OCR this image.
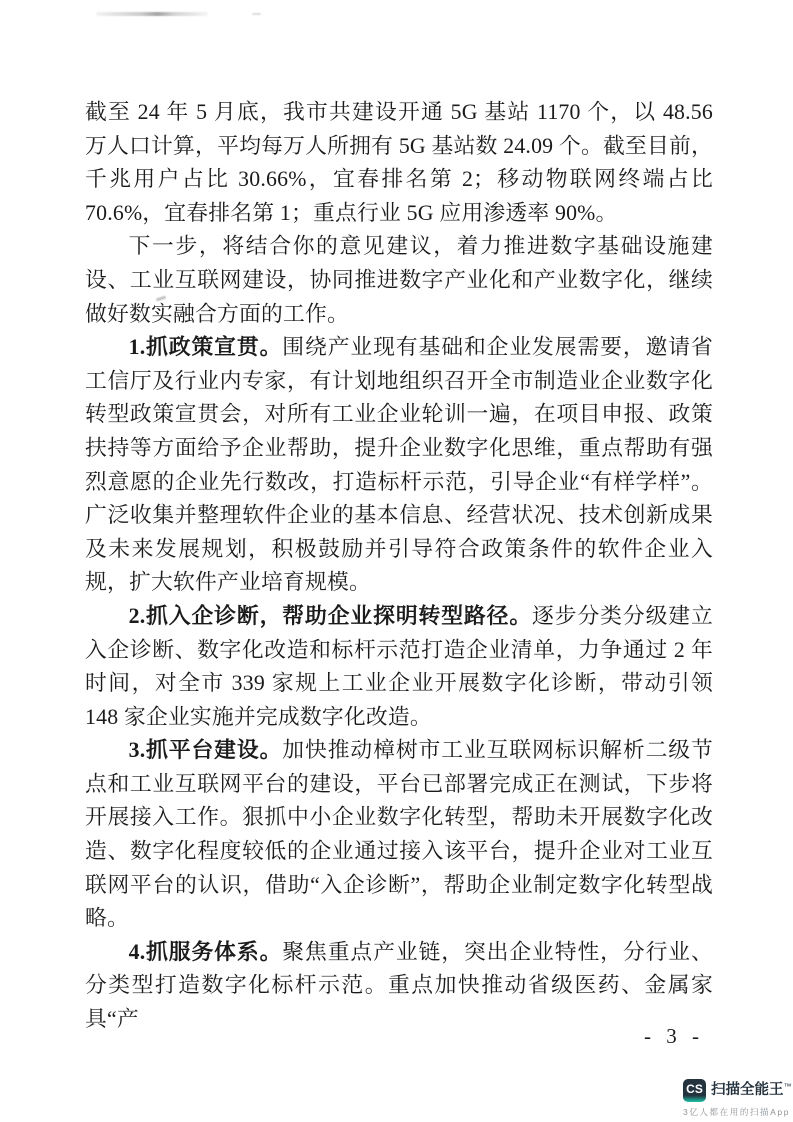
截至 24 年 5 月底，我市共建设开通 5G 基站 1170 个，以 48.56 万人口计算，平均每万人所拥有 5G 基站数 24.09 个。截至目前，千兆用户占比 30.66%，宜春排名第 2；移动物联网终端占比 70.6%，宜春排名第 1；重点行业 5G 应用渗透率 90%。

下一步，将结合你的意见建议，着力推进数字基础设施建设、工业互联网建设，协同推进数字产业化和产业数字化，继续做好数实融合方面的工作。

1.抓政策宣贯。围绕产业现有基础和企业发展需要，邀请省工信厅及行业内专家，有计划地组织召开全市制造业企业数字化转型政策宣贯会，对所有工业企业轮训一遍，在项目申报、政策扶持等方面给予企业帮助，提升企业数字化思维，重点帮助有强烈意愿的企业先行数改，打造标杆示范，引导企业“有样学样”。广泛收集并整理软件企业的基本信息、经营状况、技术创新成果及未来发展规划，积极鼓励并引导符合政策条件的软件企业入规，扩大软件产业培育规模。

2.抓入企诊断，帮助企业探明转型路径。逐步分类分级建立入企诊断、数字化改造和标杆示范打造企业清单，力争通过 2 年时间，对全市 339 家规上工业企业开展数字化诊断，带动引领 148 家企业实施并完成数字化改造。

3.抓平台建设。加快推动樟树市工业互联网标识解析二级节点和工业互联网平台的建设，平台已部署完成正在测试，下步将开展接入工作。狠抓中小企业数字化转型，帮助未开展数字化改造、数字化程度较低的企业通过接入该平台，提升企业对工业互联网平台的认识，借助“入企诊断”，帮助企业制定数字化转型战略。

4.抓服务体系。聚焦重点产业链，突出企业特性，分行业、分类型打造数字化标杆示范。重点加快推动省级医药、金属家具“产

- 3 -
CS 扫描全能王™
3亿人都在用的扫描App
